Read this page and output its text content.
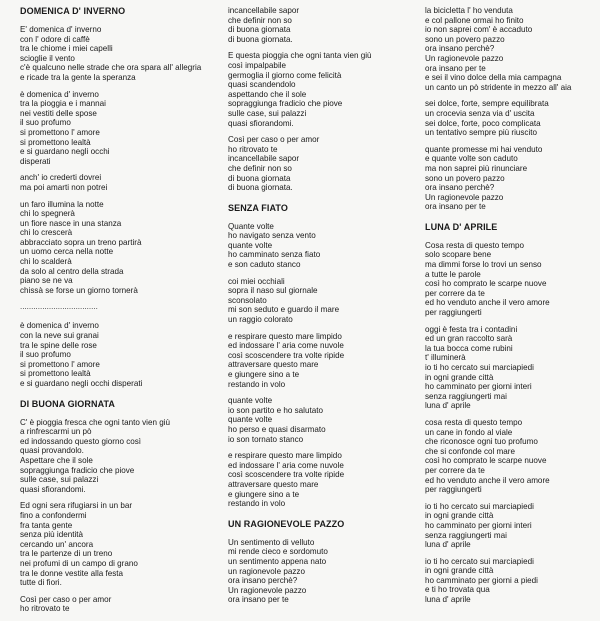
DOMENICA D' INVERNO
E' domenica d' inverno
con l' odore di caffè
tra le chiome i miei capelli
scioglie il vento
c'è qualcuno nelle strade che ora spara all' allegria
e ricade tra la gente la speranza
è domenica d' inverno
tra la pioggia e i mannai
nei vestiti delle spose
il suo profumo
si promettono l' amore
si promettono lealtà
e si guardano negli occhi
disperati
anch' io crederti dovrei
ma poi amarti non potrei
un faro illumina la notte
chi lo spegnerà
un fiore nasce in una stanza
chi lo crescerà
abbracciato sopra un treno partirà
un uomo cerca nella notte
chi lo scalderà
da solo al centro della strada
piano se ne va
chissà se forse un giorno tornerà
...................................
è domenica d' inverno
con la neve sui granai
tra le spine delle rose
il suo profumo
si promettono l' amore
si promettono lealtà
e si guardano negli occhi disperati
DI BUONA GIORNATA
C' è pioggia fresca che ogni tanto vien giù
a rinfrescarmi un pò
ed indossando questo giorno così
quasi provandolo.
Aspettare che il sole
sopraggiunga fradicio che piove
sulle case, sui palazzi
quasi sfiorandomi.
Ed ogni sera rifugiarsi in un bar
fino a confondermi
fra tanta gente
senza più identità
cercando un' ancora
tra le partenze di un treno
nei profumi di un campo di grano
tra le donne vestite alla festa
tutte di fiori.
Così per caso o per amor
ho ritrovato te
incancellabile sapor
che definir non so
di buona giornata
di buona giornata.
E questa pioggia che ogni tanta vien giù
così impalpabile
germoglia il giorno come felicità
quasi scandendolo
aspettando che il sole
sopraggiunga fradicio che piove
sulle case, sui palazzi
quasi sfiorandomi.
Così per caso o per amor
ho ritrovato te
incancellabile sapor
che definir non so
di buona giornata
di buona giornata.
SENZA FIATO
Quante volte
ho navigato senza vento
quante volte
ho camminato senza fiato
e son caduto stanco
coi miei occhiali
sopra il naso sul giornale
sconsolato
mi son seduto e guardo il mare
un raggio colorato
e respirare questo mare limpido
ed indossare l' aria come nuvole
così scoscendere tra volte ripide
attraversare questo mare
e giungere sino a te
restando in volo
quante volte
io son partito e ho salutato
quante volte
ho perso e quasi disarmato
io son tornato stanco
e respirare questo mare limpido
ed indossare l' aria come nuvole
così scoscendere tra volte ripide
attraversare questo mare
e giungere sino a te
restando in volo
UN RAGIONEVOLE PAZZO
Un sentimento di velluto
mi rende cieco e sordomuto
un sentimento appena nato
un ragionevole pazzo
ora insano perchè?
Un ragionevole pazzo
ora insano per te
la bicicletta l' ho venduta
e col pallone ormai ho finito
io non saprei com' è accaduto
sono un povero pazzo
ora insano perchè?
Un ragionevole pazzo
ora insano per te
e sei il vino dolce della mia campagna
un canto un pò stridente in mezzo all' aia
sei dolce, forte, sempre equilibrata
un crocevia senza via d' uscita
sei dolce, forte, poco complicata
un tentativo sempre più riuscito
quante promesse mi hai venduto
e quante volte son caduto
ma non saprei più rinunciare
sono un povero pazzo
ora insano perchè?
Un ragionevole pazzo
ora insano per te
LUNA D' APRILE
Cosa resta di questo tempo
solo scopare bene
ma dimmi forse lo trovi un senso
a tutte le parole
così ho comprato le scarpe nuove
per correre da te
ed ho venduto anche il vero amore
per raggiungerti
oggi è festa tra i contadini
ed un gran raccolto sarà
la tua bocca come rubini
t' illuminerà
io ti ho cercato sui marciapiedi
in ogni grande città
ho camminato per giorni interi
senza raggiungerti mai
luna d' aprile
cosa resta di questo tempo
un cane in fondo al viale
che riconosce ogni tuo profumo
che si confonde col mare
così ho comprato le scarpe nuove
per correre da te
ed ho venduto anche il vero amore
per raggiungerti
io ti ho cercato sui marciapiedi
in ogni grande città
ho camminato per giorni interi
senza raggiungerti mai
luna d' aprile
io ti ho cercato sui marciapiedi
in ogni grande città
ho camminato per giorni a piedi
e ti ho trovata qua
luna d' aprile
